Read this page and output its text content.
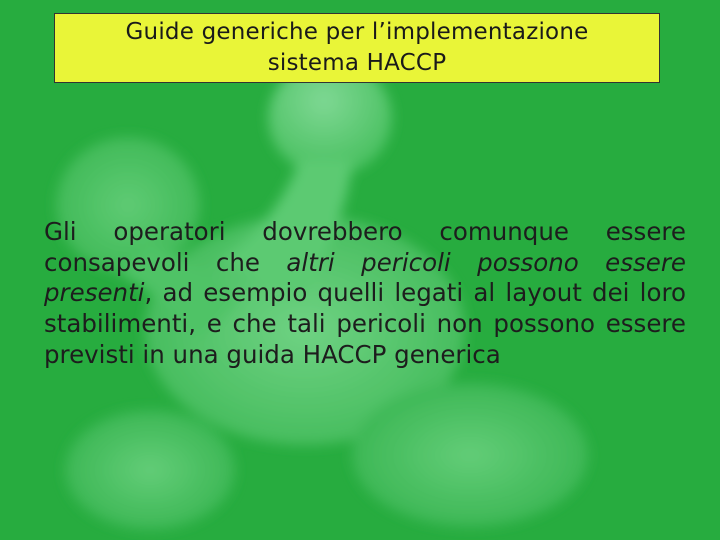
Guide generiche per l’implementazione
sistema HACCP

Gli operatori dovrebbero comunque essere consapevoli che altri pericoli possono essere presenti, ad esempio quelli legati al layout dei loro stabilimenti, e che tali pericoli non possono essere previsti in una guida HACCP generica
